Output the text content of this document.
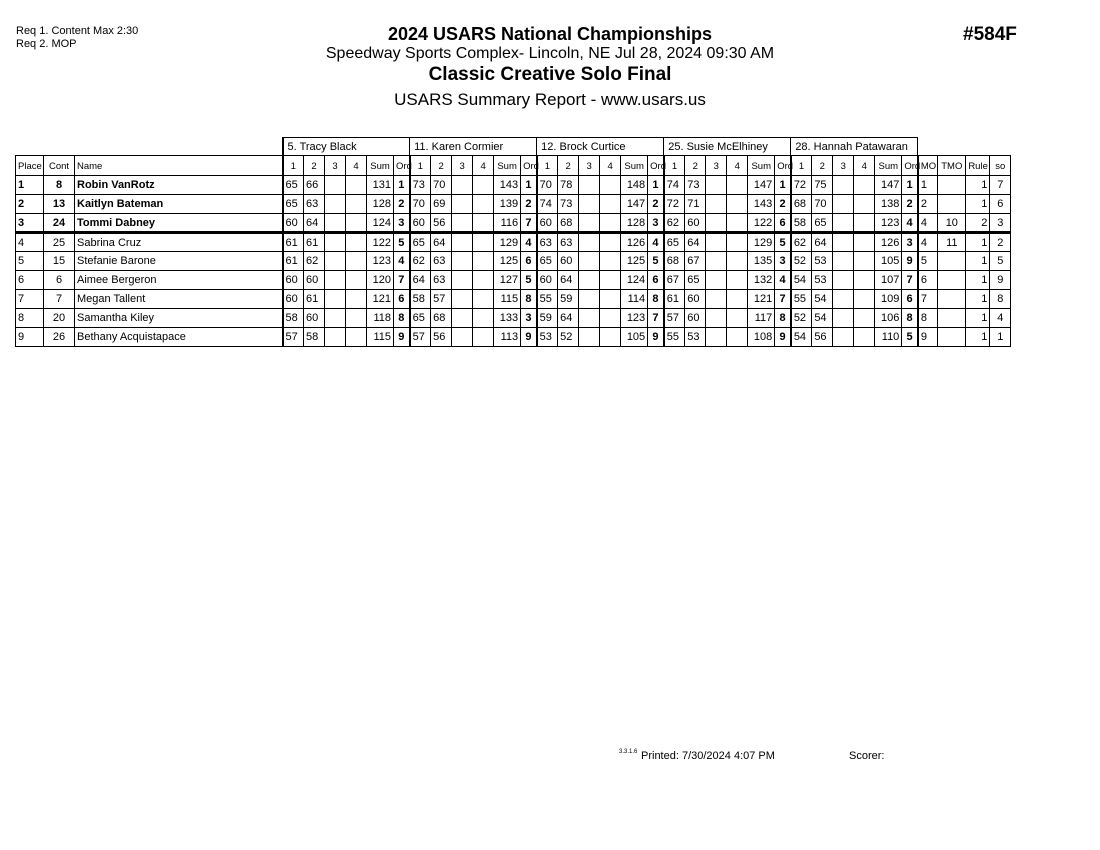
Req 1. Content Max 2:30
Req 2. MOP	#584F
2024 USARS National Championships
Speedway Sports Complex- Lincoln, NE Jul 28, 2024 09:30 AM
Classic Creative Solo Final
USARS Summary Report - www.usars.us
			5. Tracy Black						11. Karen Cormier						12. Brock Curtice						25. Susie McElhiney						28. Hannah Patawaran									
Place	Cont	Name	1	2	3	4	Sum	Ord	1	2	3	4	Sum	Ord	1	2	3	4	Sum	Ord	1	2	3	4	Sum	Ord	1	2	3	4	Sum	Ord	MO	TMO	Rule	so
1	8	Robin VanRotz	65	66			131	1	73	70			143	1	70	78			148	1	74	73			147	1	72	75			147	1	1		1	7
2	13	Kaitlyn Bateman	65	63			128	2	70	69			139	2	74	73			147	2	72	71			143	2	68	70			138	2	2		1	6
3	24	Tommi Dabney	60	64			124	3	60	56			116	7	60	68			128	3	62	60			122	6	58	65			123	4	4	10	2	3
4	25	Sabrina Cruz	61	61			122	5	65	64			129	4	63	63			126	4	65	64			129	5	62	64			126	3	4	11	1	2
5	15	Stefanie Barone	61	62			123	4	62	63			125	6	65	60			125	5	68	67			135	3	52	53			105	9	5		1	5
6	6	Aimee Bergeron	60	60			120	7	64	63			127	5	60	64			124	6	67	65			132	4	54	53			107	7	6		1	9
7	7	Megan Tallent	60	61			121	6	58	57			115	8	55	59			114	8	61	60			121	7	55	54			109	6	7		1	8
8	20	Samantha Kiley	58	60			118	8	65	68			133	3	59	64			123	7	57	60			117	8	52	54			106	8	8		1	4
9	26	Bethany Acquistapace	57	58			115	9	57	56			113	9	53	52			105	9	55	53			108	9	54	56			110	5	9		1	1
3.3.1.6 Printed: 7/30/2024 4:07 PM	Scorer:
